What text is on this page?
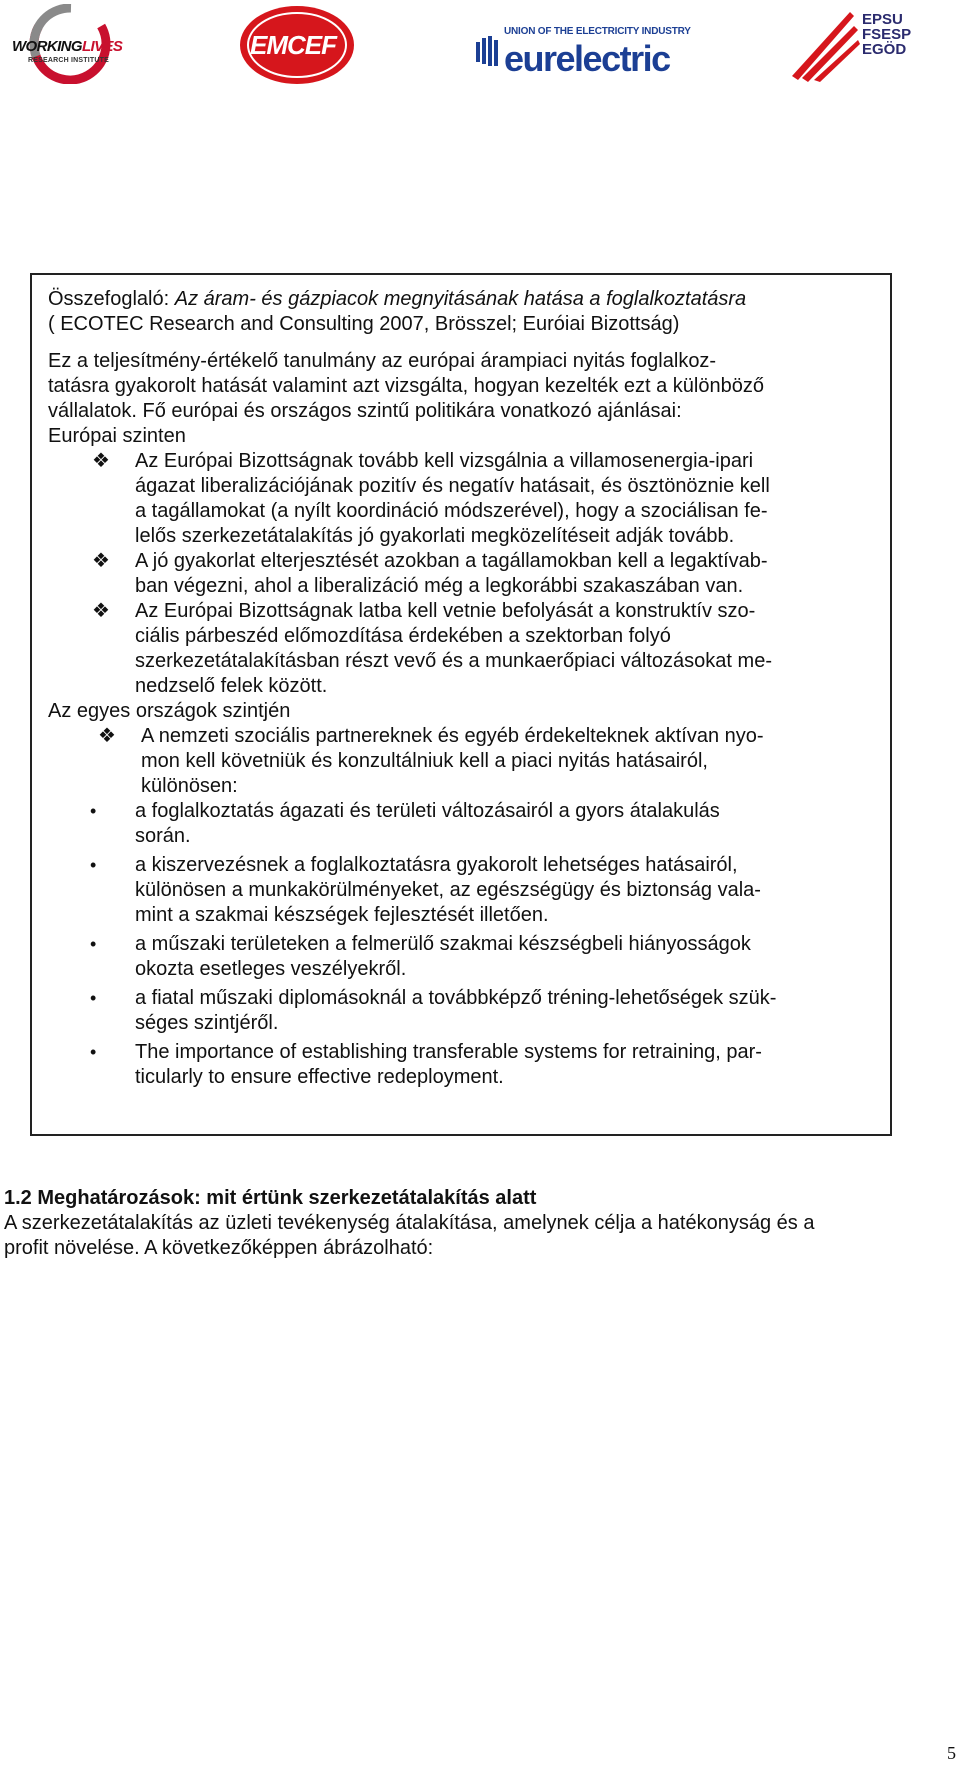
WORKINGLIVES
RESEARCH INSTITUTE
EMCEF	UNION OF THE ELECTRICITY INDUSTRY
eurelectric
EPSU
FSESP
EGÖD

Összefoglaló: Az áram- és gázpiacok megnyitásának hatása a foglalkoztatásra

( ECOTEC Research and Consulting 2007, Brösszel; Euróiai Bizottság)

Ez a teljesítmény-értékelő tanulmány az európai árampiaci nyitás foglalkoz-

tatásra gyakorolt hatását valamint azt vizsgálta, hogyan kezelték ezt a különböző

vállalatok. Fő európai és országos szintű politikára vonatkozó ajánlásai:

Európai szinten

❖	Az Európai Bizottságnak tovább kell vizsgálnia a villamosenergia-ipari
ágazat liberalizációjának pozitív és negatív hatásait, és ösztönöznie kell
a tagállamokat (a nyílt koordináció módszerével), hogy a szociálisan fe-
lelős szerkezetátalakítás jó gyakorlati megközelítéseit adják tovább.
❖	A jó gyakorlat elterjesztését azokban a tagállamokban kell a legaktívab-
ban végezni, ahol a liberalizáció még a legkorábbi szakaszában van.
❖	Az Európai Bizottságnak latba kell vetnie befolyását a konstruktív szo-
ciális párbeszéd előmozdítása érdekében a szektorban folyó
szerkezetátalakításban részt vevő és a munkaerőpiaci változásokat me-
nedzselő felek között.

Az egyes országok szintjén

❖	A nemzeti szociális partnereknek és egyéb érdekelteknek aktívan nyo-
mon kell követniük és konzultálniuk kell a piaci nyitás hatásairól,
különösen:
•	a foglalkoztatás ágazati és területi változásairól a gyors átalakulás
során.
•	a kiszervezésnek a foglalkoztatásra gyakorolt lehetséges hatásairól,
különösen a munkakörülményeket, az egészségügy és biztonság vala-
mint a szakmai készségek fejlesztését illetően.
•	a műszaki területeken a felmerülő szakmai készségbeli hiányosságok
okozta esetleges veszélyekről.
•	a fiatal műszaki diplomásoknál a továbbképző tréning-lehetőségek szük-
séges szintjéről.
•	The importance of establishing transferable systems for retraining, par-
ticularly to ensure effective redeployment.
1.2 Meghatározások: mit értünk szerkezetátalakítás alatt

A szerkezetátalakítás az üzleti tevékenység átalakítása, amelynek célja a hatékonyság és a

profit növelése. A következőképpen ábrázolható:

5
